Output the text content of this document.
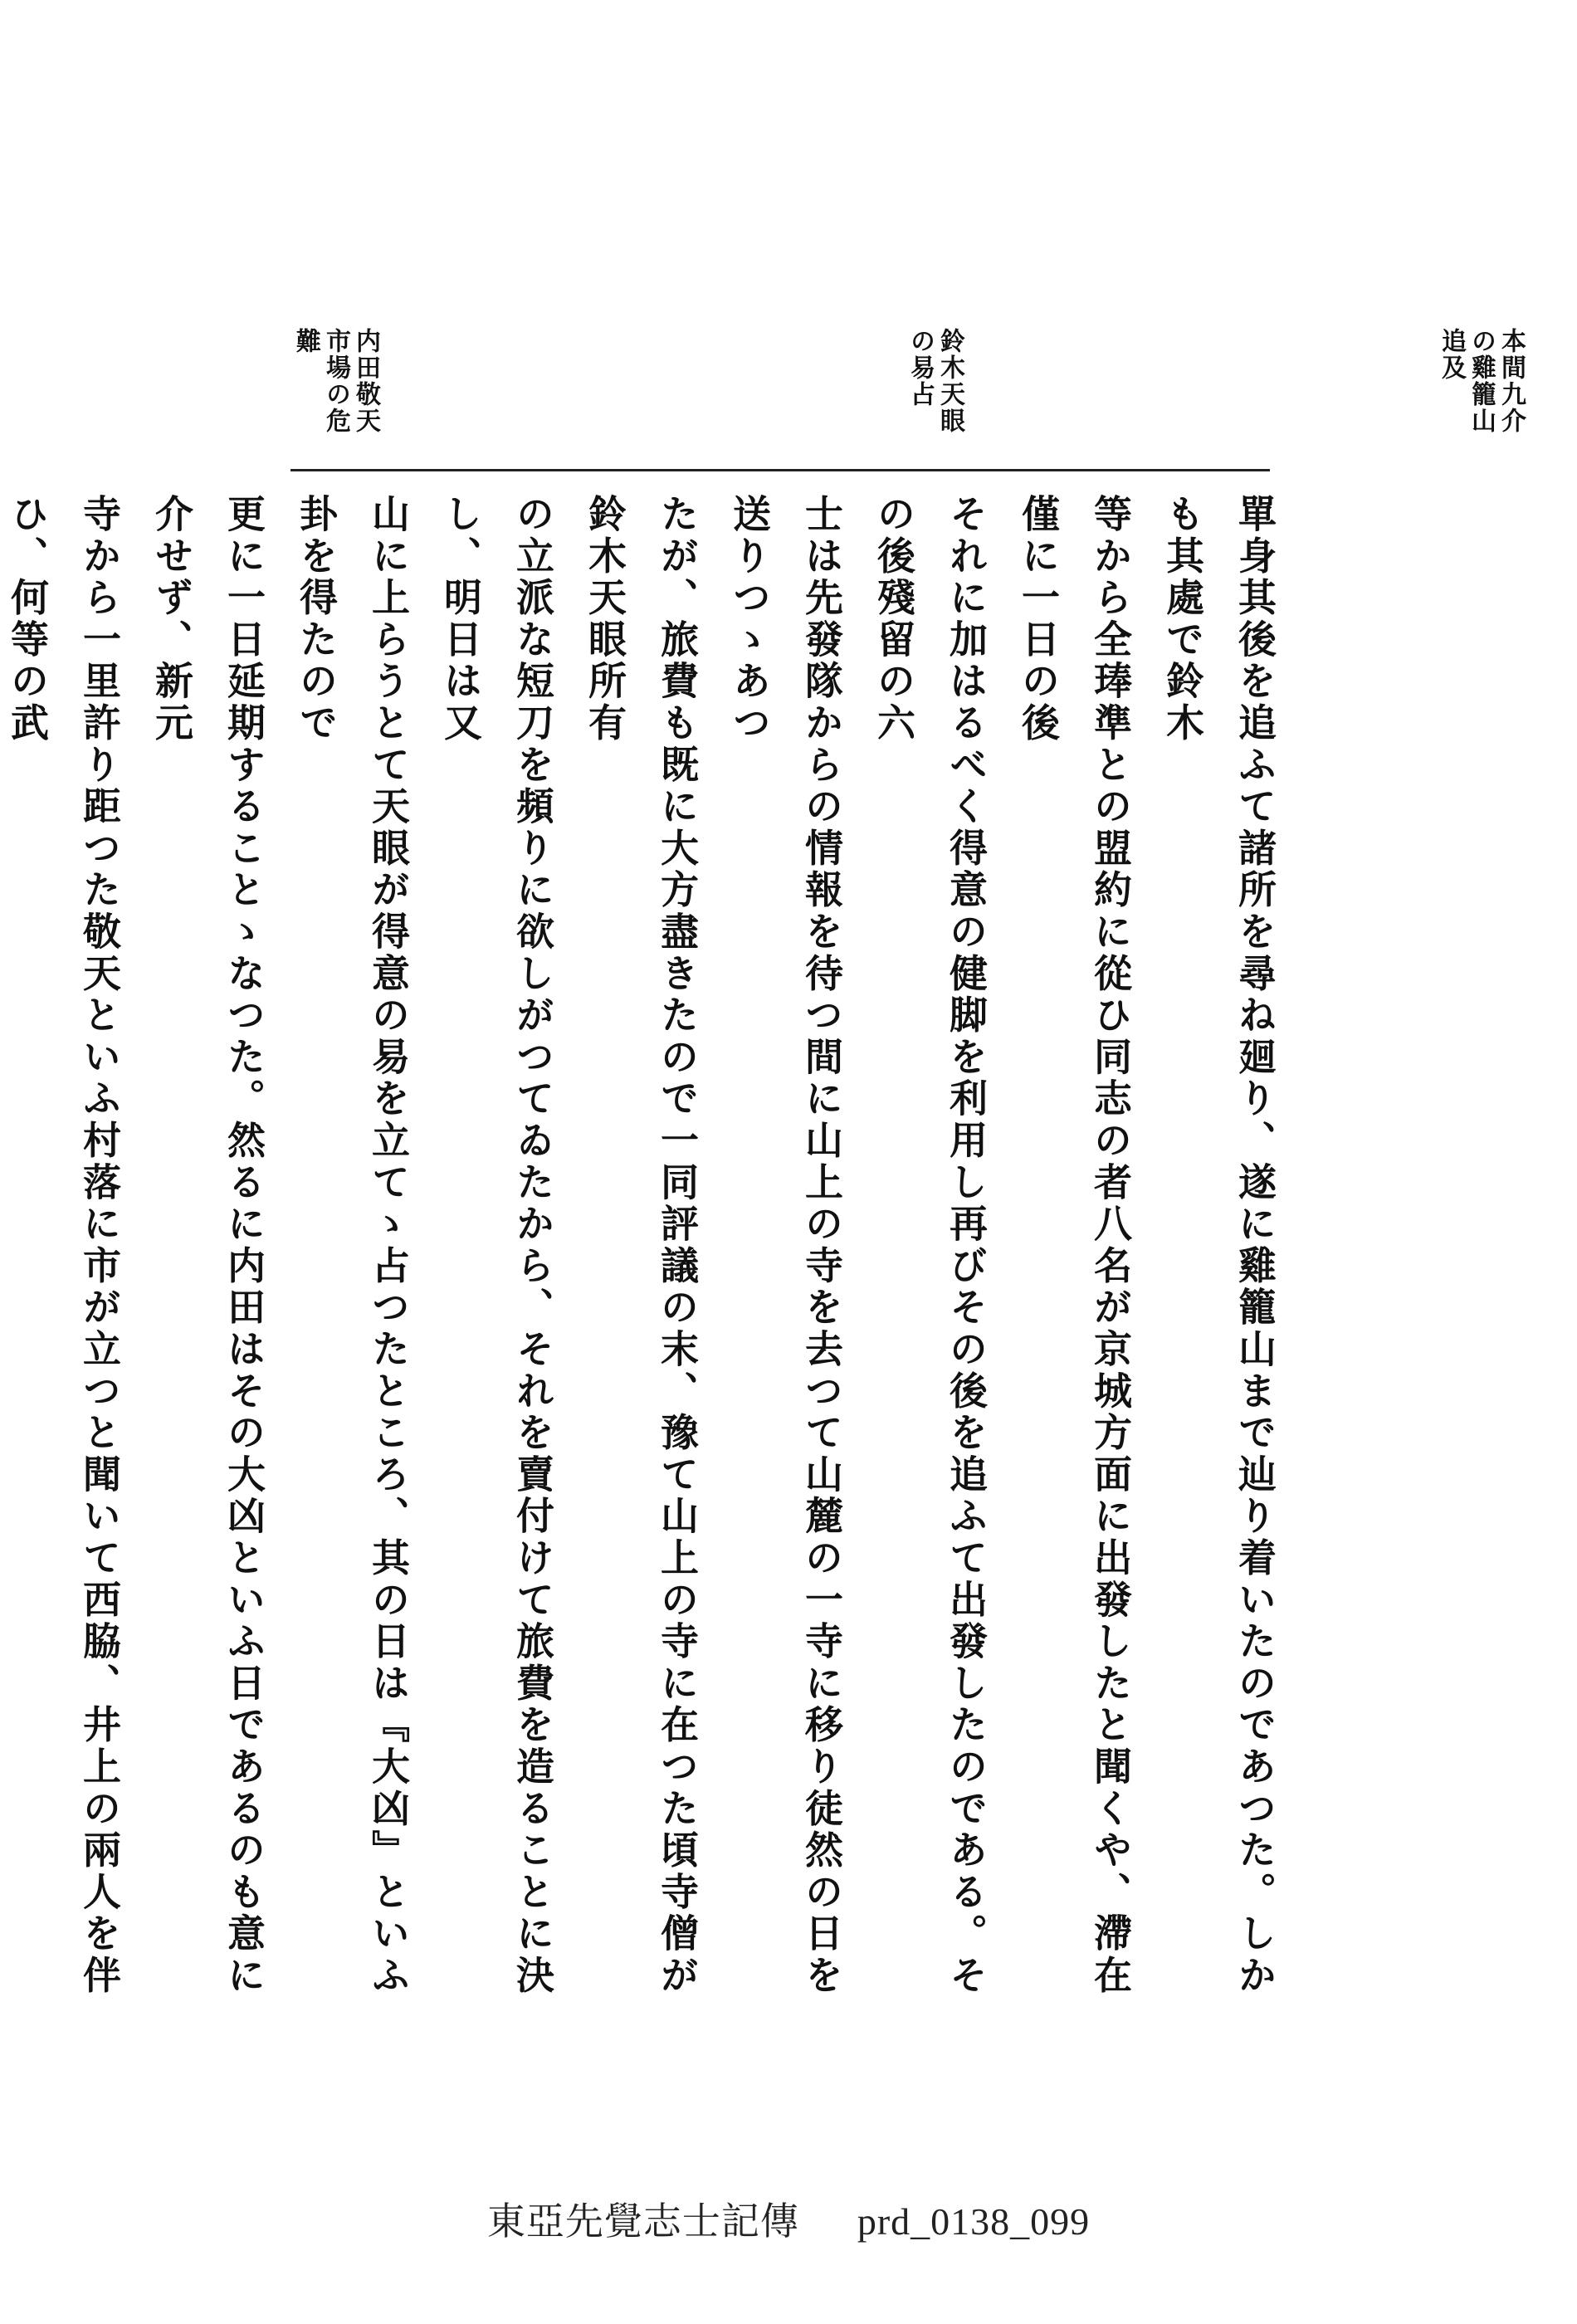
本間九介
の雞籠山
追及
鈴木天眼
の易占
内田敬天
市場の危
難
單身其後を追ふて諸所を尋ね廻り、遂に雞籠山まで辿り着いたのであつた。しかも其處で鈴木
等から全琫準との盟約に從ひ同志の者八名が京城方面に出發したと聞くや、滯在僅に一日の後
それに加はるべく得意の健脚を利用し再びその後を追ふて出發したのである。その後殘留の六
士は先發隊からの情報を待つ間に山上の寺を去つて山麓の一寺に移り徒然の日を送りつゝあつ
たが、旅費も既に大方盡きたので一同評議の末、豫て山上の寺に在つた頃寺僧が鈴木天眼所有
の立派な短刀を頻りに欲しがつてゐたから、それを賣付けて旅費を造ることに決し、明日は又
山に上らうとて天眼が得意の易を立てゝ占つたところ、其の日は『大凶』といふ卦を得たので
更に一日延期することゝなつた。然るに内田はその大凶といふ日であるのも意に介せず、新元
寺から一里許り距つた敬天といふ村落に市が立つと聞いて西脇、井上の兩人を伴ひ、何等の武

東亞先覺志士記傳 prd_0138_099
